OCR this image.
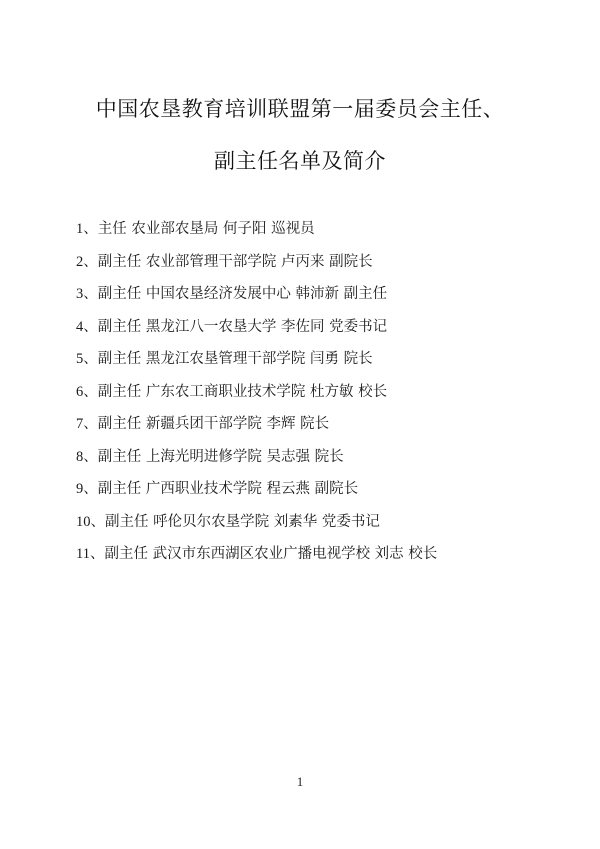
中国农垦教育培训联盟第一届委员会主任、
副主任名单及简介
1、主任 农业部农垦局 何子阳 巡视员
2、副主任 农业部管理干部学院 卢丙来 副院长
3、副主任 中国农垦经济发展中心 韩沛新 副主任
4、副主任 黑龙江八一农垦大学 李佐同 党委书记
5、副主任 黑龙江农垦管理干部学院 闫勇 院长
6、副主任 广东农工商职业技术学院 杜方敏 校长
7、副主任 新疆兵团干部学院 李辉 院长
8、副主任 上海光明进修学院 吴志强 院长
9、副主任 广西职业技术学院 程云燕 副院长
10、副主任 呼伦贝尔农垦学院 刘素华 党委书记
11、副主任 武汉市东西湖区农业广播电视学校 刘志 校长
1
